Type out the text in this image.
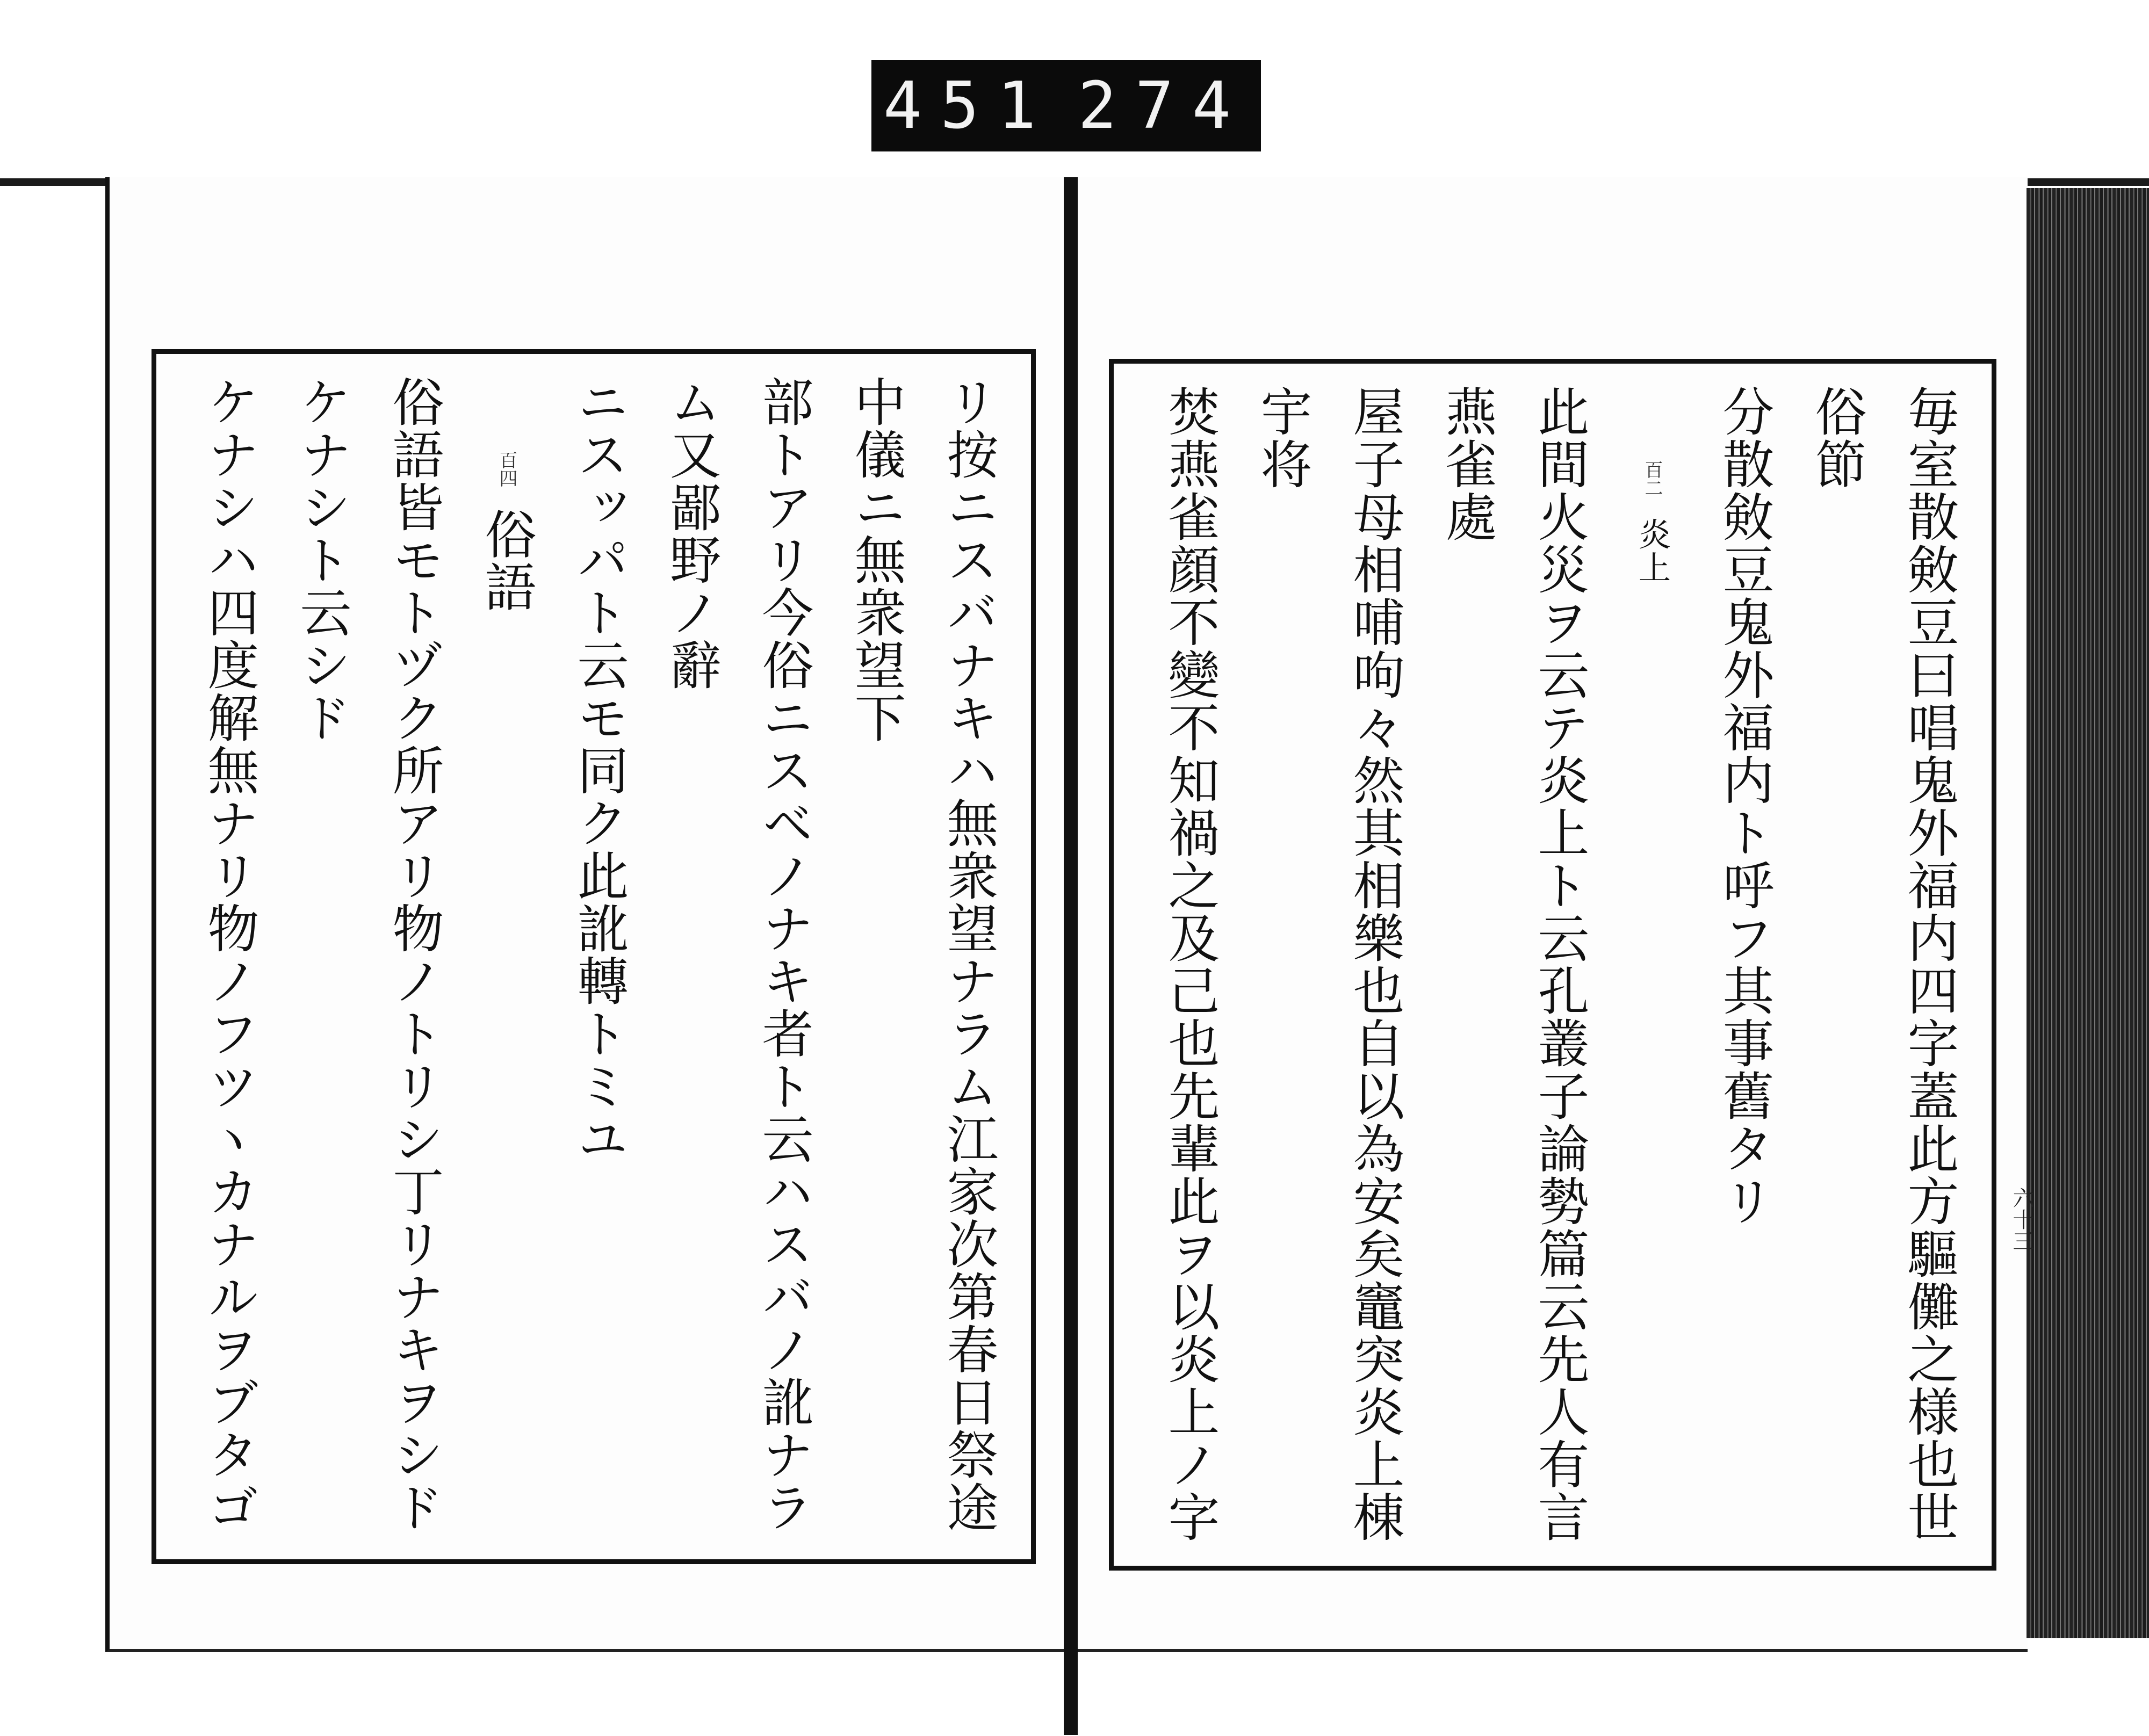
451 274
六十三

毎室散㪘豆曰唱鬼外福内四字蓋此方驅儺之様也世俗節

分散㪘豆鬼外福内ト呼フ其事舊タリ

百二 炎上

此間火災ヲ云テ炎上ト云孔叢子論勢篇云先人有言燕雀處

屋子母相哺呴々然其相樂也自以為安矣竈突炎上棟宇将

焚燕雀顔不變不知禍之及己也先輩此ヲ以炎上ノ字

リ按ニスバナキハ無衆望ナラム江家次第春日祭途中儀ニ無衆望下

部トアリ今俗ニスベノナキ者ト云ハスバノ訛ナラム又鄙野ノ辭

ニスッパト云モ同ク此訛轉トミユ

百四 俗語

俗語皆モトヅク所アリ物ノトリシ丁リナキヲシドケナシト云シド

ケナシハ四度解無ナリ物ノフツヽカナルヲブタゴ
